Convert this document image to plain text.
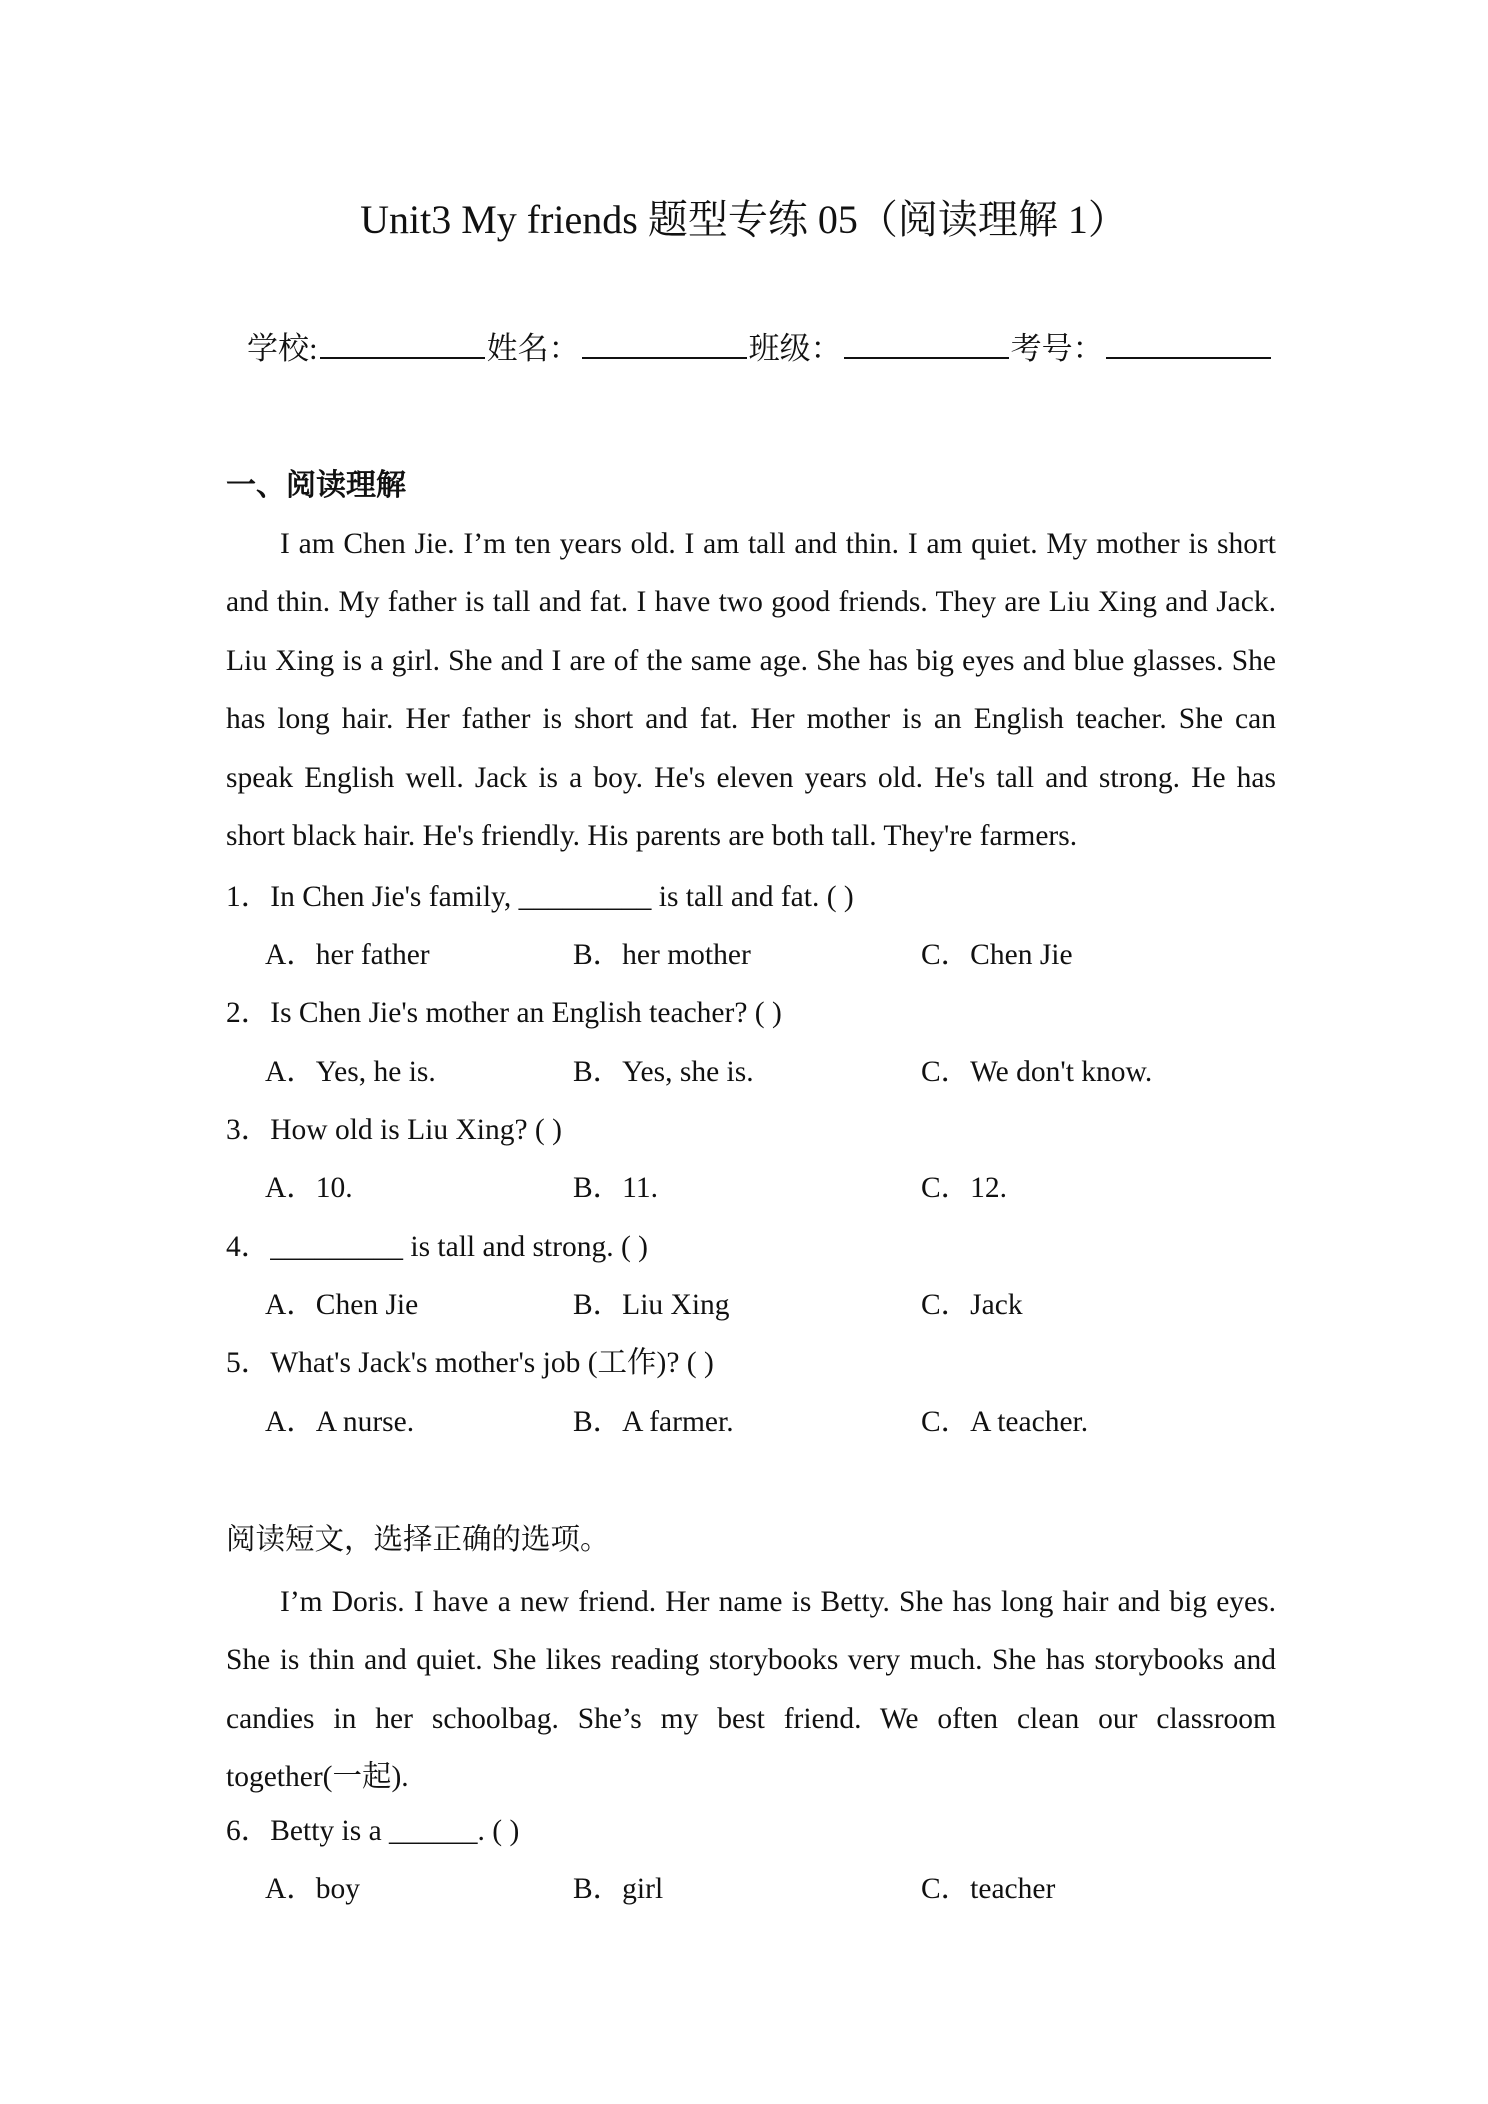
Unit3 My friends 题型专练 05（阅读理解 1）
学校:	姓名：	班级：	考号：
一、阅读理解
I am Chen Jie. I’m ten years old. I am tall and thin. I am quiet. My mother is short and thin. My father is tall and fat. I have two good friends. They are Liu Xing and Jack. Liu Xing is a girl. She and I are of the same age. She has big eyes and blue glasses. She has long hair. Her father is short and fat. Her mother is an English teacher. She can speak English well. Jack is a boy. He's eleven years old. He's tall and strong. He has short black hair. He's friendly. His parents are both tall. They're farmers.
1．In Chen Jie's family, _________ is tall and fat. ( )
A．her father	B．her mother	C．Chen Jie
2．Is Chen Jie's mother an English teacher? ( )
A．Yes, he is.	B．Yes, she is.	C．We don't know.
3．How old is Liu Xing? ( )
A．10.	B．11.	C．12.
4．_________ is tall and strong. ( )
A．Chen Jie	B．Liu Xing	C．Jack
5．What's Jack's mother's job (工作)? ( )
A．A nurse.	B．A farmer.	C．A teacher.
阅读短文，选择正确的选项。
I’m Doris. I have a new friend. Her name is Betty. She has long hair and big eyes. She is thin and quiet. She likes reading storybooks very much. She has storybooks and candies in her schoolbag. She’s my best friend. We often clean our classroom together(一起).
6．Betty is a ______. ( )
A．boy	B．girl	C．teacher
